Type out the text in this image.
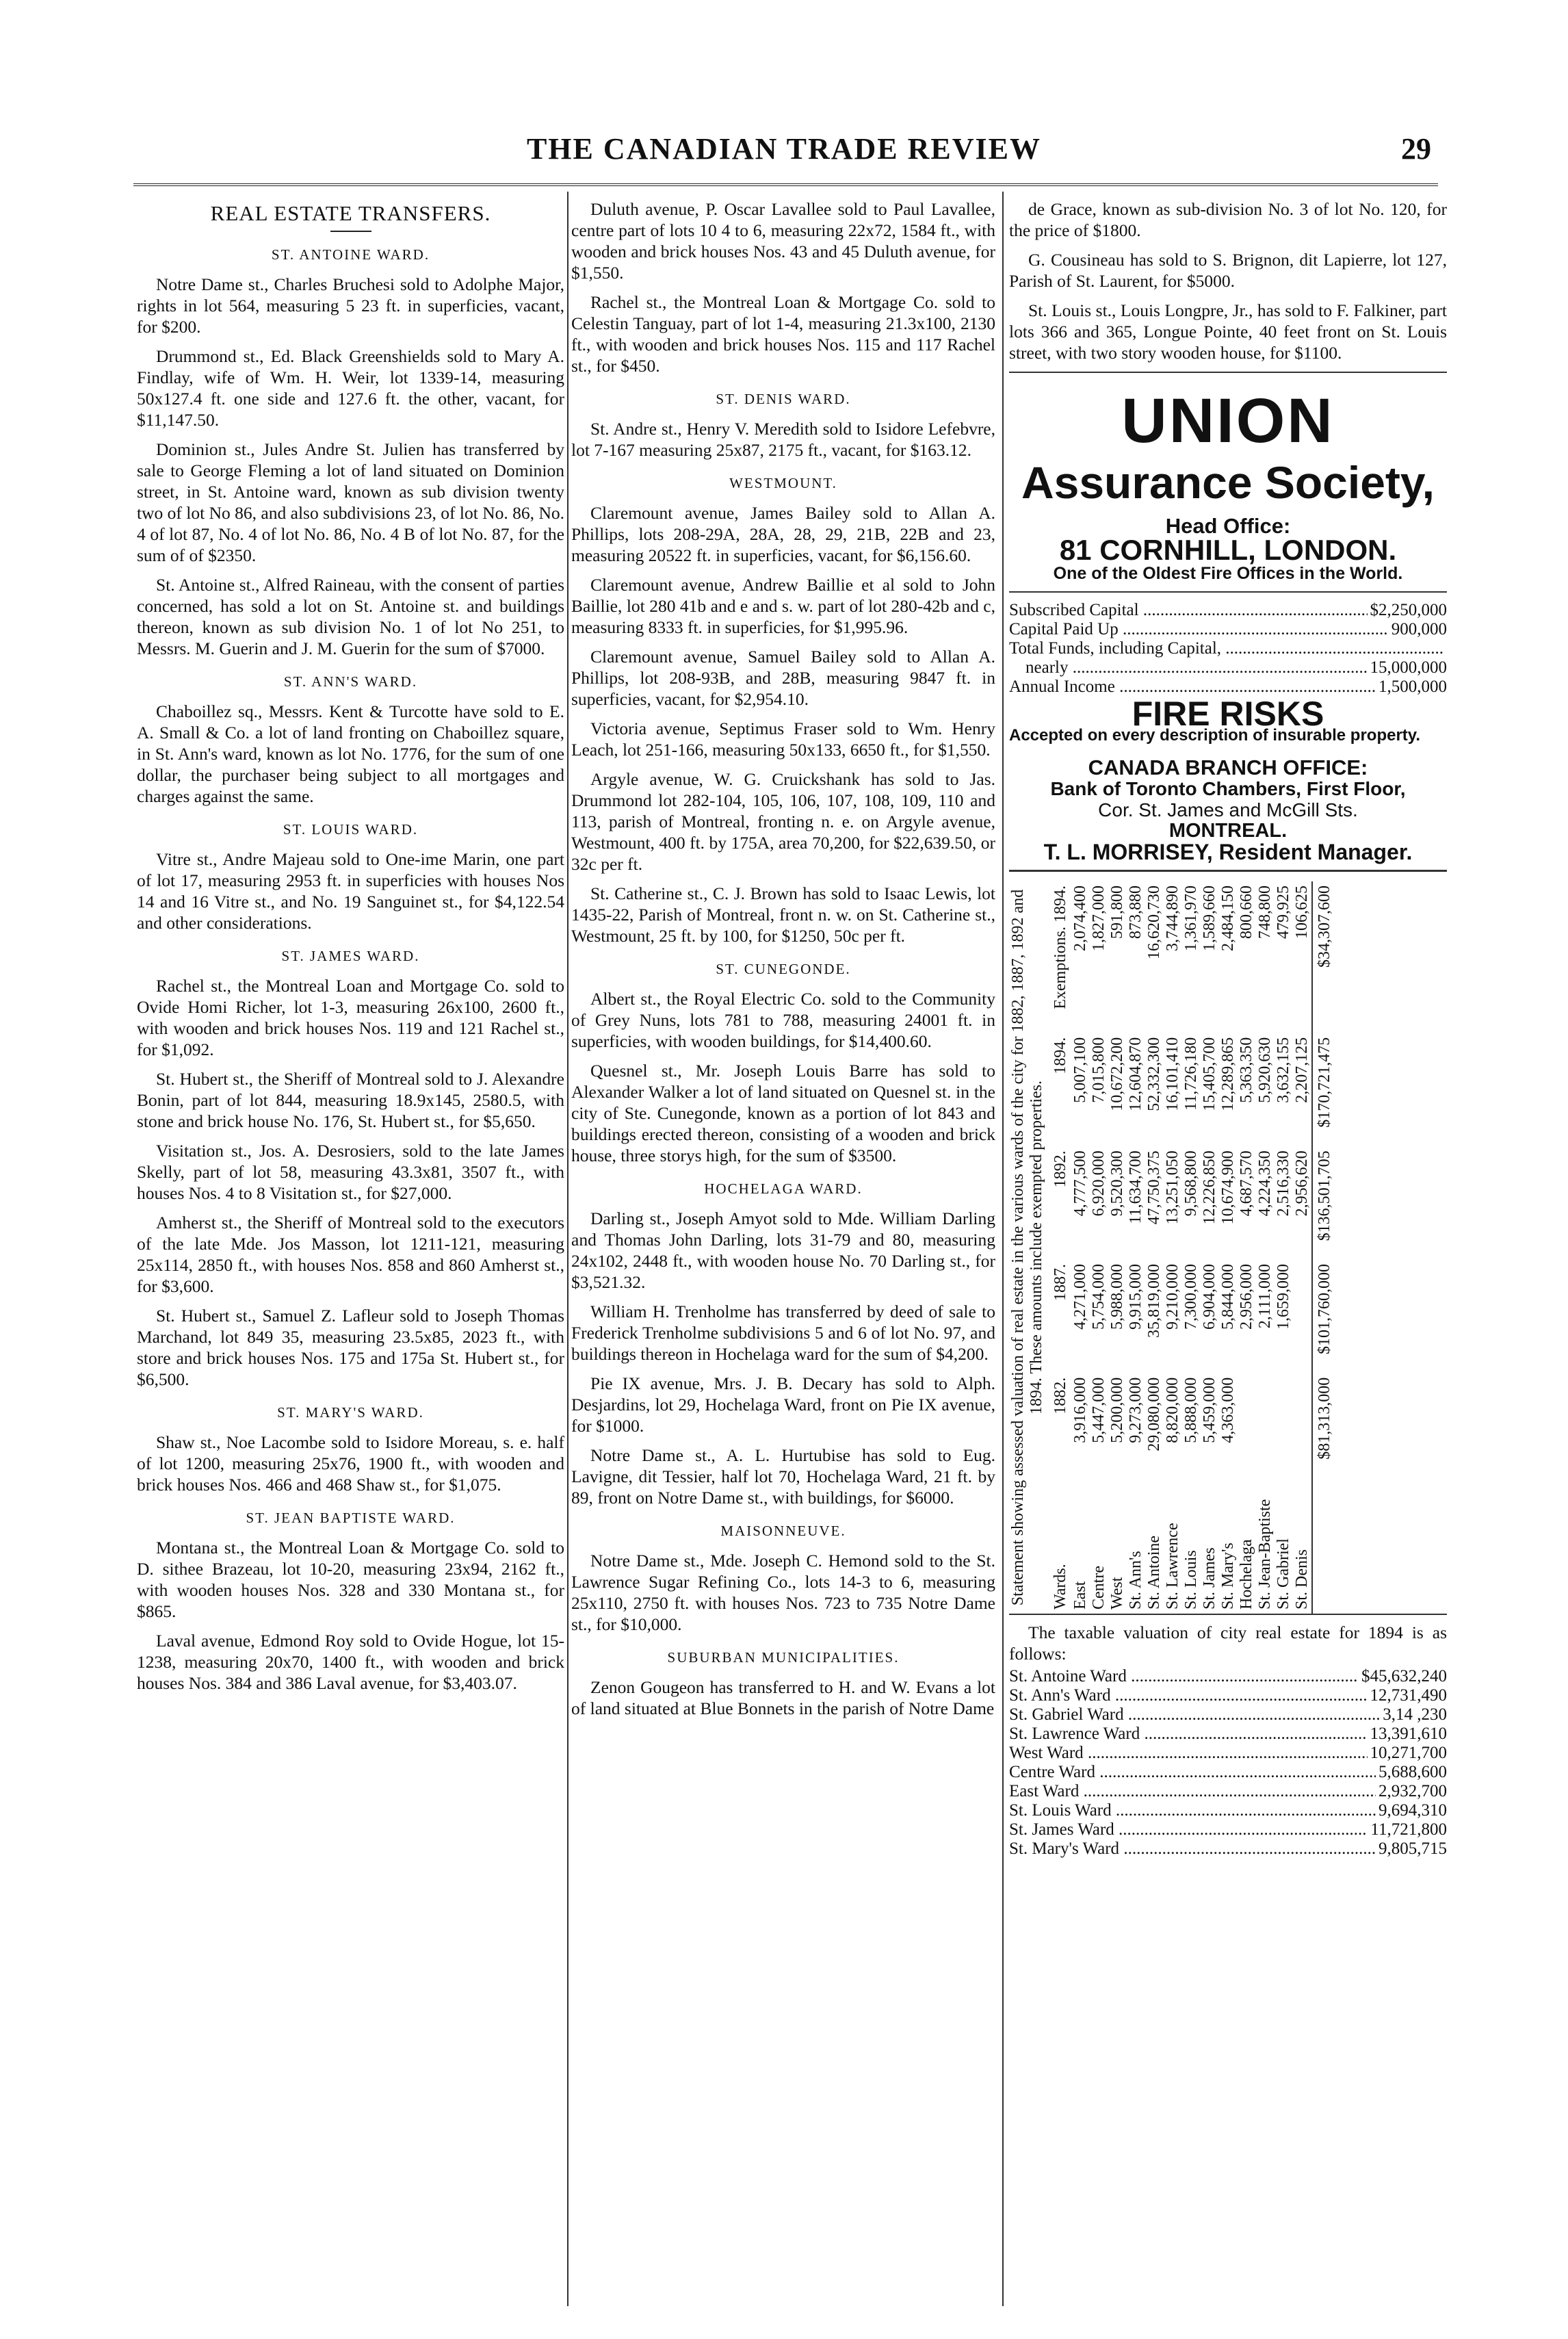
THE CANADIAN TRADE REVIEW	29
REAL ESTATE TRANSFERS.
ST. ANTOINE WARD.
Notre Dame st., Charles Bruchesi sold to Adolphe Major, rights in lot 564, measuring 5 23 ft. in superficies, vacant, for $200.
Drummond st., Ed. Black Greenshields sold to Mary A. Findlay, wife of Wm. H. Weir, lot 1339-14, measuring 50x127.4 ft. one side and 127.6 ft. the other, vacant, for $11,147.50.
Dominion st., Jules Andre St. Julien has transferred by sale to George Fleming a lot of land situated on Dominion street, in St. Antoine ward, known as sub division twenty two of lot No 86, and also subdivisions 23, of lot No. 86, No. 4 of lot 87, No. 4 of lot No. 86, No. 4 B of lot No. 87, for the sum of of $2350.
St. Antoine st., Alfred Raineau, with the consent of parties concerned, has sold a lot on St. Antoine st. and buildings thereon, known as sub division No. 1 of lot No 251, to Messrs. M. Guerin and J. M. Guerin for the sum of $7000.
ST. ANN'S WARD.
Chaboillez sq., Messrs. Kent & Turcotte have sold to E. A. Small & Co. a lot of land fronting on Chaboillez square, in St. Ann's ward, known as lot No. 1776, for the sum of one dollar, the purchaser being subject to all mortgages and charges against the same.
ST. LOUIS WARD.
Vitre st., Andre Majeau sold to One-ime Marin, one part of lot 17, measuring 2953 ft. in superficies with houses Nos 14 and 16 Vitre st., and No. 19 Sanguinet st., for $4,122.54 and other considerations.
ST. JAMES WARD.
Rachel st., the Montreal Loan and Mortgage Co. sold to Ovide Homi Richer, lot 1-3, measuring 26x100, 2600 ft., with wooden and brick houses Nos. 119 and 121 Rachel st., for $1,092.
St. Hubert st., the Sheriff of Montreal sold to J. Alexandre Bonin, part of lot 844, measuring 18.9x145, 2580.5, with stone and brick house No. 176, St. Hubert st., for $5,650.
Visitation st., Jos. A. Desrosiers, sold to the late James Skelly, part of lot 58, measuring 43.3x81, 3507 ft., with houses Nos. 4 to 8 Visitation st., for $27,000.
Amherst st., the Sheriff of Montreal sold to the executors of the late Mde. Jos Masson, lot 1211-121, measuring 25x114, 2850 ft., with houses Nos. 858 and 860 Amherst st., for $3,600.
St. Hubert st., Samuel Z. Lafleur sold to Joseph Thomas Marchand, lot 849 35, measuring 23.5x85, 2023 ft., with store and brick houses Nos. 175 and 175a St. Hubert st., for $6,500.
ST. MARY'S WARD.
Shaw st., Noe Lacombe sold to Isidore Moreau, s. e. half of lot 1200, measuring 25x76, 1900 ft., with wooden and brick houses Nos. 466 and 468 Shaw st., for $1,075.
ST. JEAN BAPTISTE WARD.
Montana st., the Montreal Loan & Mortgage Co. sold to D. sithee Brazeau, lot 10-20, measuring 23x94, 2162 ft., with wooden houses Nos. 328 and 330 Montana st., for $865.
Laval avenue, Edmond Roy sold to Ovide Hogue, lot 15-1238, measuring 20x70, 1400 ft., with wooden and brick houses Nos. 384 and 386 Laval avenue, for $3,403.07.
Duluth avenue, P. Oscar Lavallee sold to Paul Lavallee, centre part of lots 10 4 to 6, measuring 22x72, 1584 ft., with wooden and brick houses Nos. 43 and 45 Duluth avenue, for $1,550.
Rachel st., the Montreal Loan & Mortgage Co. sold to Celestin Tanguay, part of lot 1-4, measuring 21.3x100, 2130 ft., with wooden and brick houses Nos. 115 and 117 Rachel st., for $450.
ST. DENIS WARD.
St. Andre st., Henry V. Meredith sold to Isidore Lefebvre, lot 7-167 measuring 25x87, 2175 ft., vacant, for $163.12.
WESTMOUNT.
Claremount avenue, James Bailey sold to Allan A. Phillips, lots 208-29A, 28A, 28, 29, 21B, 22B and 23, measuring 20522 ft. in superficies, vacant, for $6,156.60.
Claremount avenue, Andrew Baillie et al sold to John Baillie, lot 280 41b and e and s. w. part of lot 280-42b and c, measuring 8333 ft. in superficies, for $1,995.96.
Claremount avenue, Samuel Bailey sold to Allan A. Phillips, lot 208-93B, and 28B, measuring 9847 ft. in superficies, vacant, for $2,954.10.
Victoria avenue, Septimus Fraser sold to Wm. Henry Leach, lot 251-166, measuring 50x133, 6650 ft., for $1,550.
Argyle avenue, W. G. Cruickshank has sold to Jas. Drummond lot 282-104, 105, 106, 107, 108, 109, 110 and 113, parish of Montreal, fronting n. e. on Argyle avenue, Westmount, 400 ft. by 175A, area 70,200, for $22,639.50, or 32c per ft.
St. Catherine st., C. J. Brown has sold to Isaac Lewis, lot 1435-22, Parish of Montreal, front n. w. on St. Catherine st., Westmount, 25 ft. by 100, for $1250, 50c per ft.
ST. CUNEGONDE.
Albert st., the Royal Electric Co. sold to the Community of Grey Nuns, lots 781 to 788, measuring 24001 ft. in superficies, with wooden buildings, for $14,400.60.
Quesnel st., Mr. Joseph Louis Barre has sold to Alexander Walker a lot of land situated on Quesnel st. in the city of Ste. Cunegonde, known as a portion of lot 843 and buildings erected thereon, consisting of a wooden and brick house, three storys high, for the sum of $3500.
HOCHELAGA WARD.
Darling st., Joseph Amyot sold to Mde. William Darling and Thomas John Darling, lots 31-79 and 80, measuring 24x102, 2448 ft., with wooden house No. 70 Darling st., for $3,521.32.
William H. Trenholme has transferred by deed of sale to Frederick Trenholme subdivisions 5 and 6 of lot No. 97, and buildings thereon in Hochelaga ward for the sum of $4,200.
Pie IX avenue, Mrs. J. B. Decary has sold to Alph. Desjardins, lot 29, Hochelaga Ward, front on Pie IX avenue, for $1000.
Notre Dame st., A. L. Hurtubise has sold to Eug. Lavigne, dit Tessier, half lot 70, Hochelaga Ward, 21 ft. by 89, front on Notre Dame st., with buildings, for $6000.
MAISONNEUVE.
Notre Dame st., Mde. Joseph C. Hemond sold to the St. Lawrence Sugar Refining Co., lots 14-3 to 6, measuring 25x110, 2750 ft. with houses Nos. 723 to 735 Notre Dame st., for $10,000.
SUBURBAN MUNICIPALITIES.
Zenon Gougeon has transferred to H. and W. Evans a lot of land situated at Blue Bonnets in the parish of Notre Dame
de Grace, known as sub-division No. 3 of lot No. 120, for the price of $1800.
G. Cousineau has sold to S. Brignon, dit Lapierre, lot 127, Parish of St. Laurent, for $5000.
St. Louis st., Louis Longpre, Jr., has sold to F. Falkiner, part lots 366 and 365, Longue Pointe, 40 feet front on St. Louis street, with two story wooden house, for $1100.
UNION
Assurance Society,
Head Office:
81 CORNHILL, LONDON.
One of the Oldest Fire Offices in the World.
Subscribed Capital .....	$2,250,000
Capital Paid Up .....	900,000
Total Funds, including Capital, .....
nearly .....	15,000,000
Annual Income .....	1,500,000
FIRE RISKS
Accepted on every description of insurable property.
CANADA BRANCH OFFICE:
Bank of Toronto Chambers, First Floor,
Cor. St. James and McGill Sts.
MONTREAL.
T. L. MORRISEY, Resident Manager.
Statement showing assessed valuation of real estate in the various wards of the city for 1882, 1887, 1892 and 1894. These amounts include exempted properties.
Wards.	1882.	1887.	1892.	1894.	Exemptions. 1894.
East	3,916,000	4,271,000	4,777,500	5,007,100	2,074,400
Centre	5,447,000	5,754,000	6,920,000	7,015,800	1,827,000
West	5,200,000	5,988,000	9,520,300	10,672,200	591,800
St. Ann's	9,273,000	9,915,000	11,634,700	12,604,870	873,880
St. Antoine	29,080,000	35,819,000	47,750,375	52,332,300	16,620,730
St. Lawrence	8,820,000	9,210,000	13,251,050	16,101,410	3,744,890
St. Louis	5,888,000	7,300,000	9,568,800	11,726,180	1,361,970
St. James	5,459,000	6,904,000	12,226,850	15,405,700	1,589,660
St. Mary's	4,363,000	5,844,000	10,674,900	12,289,865	2,484,150
Hochelaga		2,956,000	4,687,570	5,363,350	800,660
St. Jean-Baptiste		2,111,000	4,224,350	5,920,630	748,800
St. Gabriel		1,659,000	2,516,330	3,632,155	479,925
St. Denis			2,956,620	2,207,125	106,625
	$81,313,000	$101,760,000	$136,501,705	$170,721,475	$34,307,600
The taxable valuation of city real estate for 1894 is as follows:
St. Antoine Ward .....	$45,632,240
St. Ann's Ward .....	12,731,490
St. Gabriel Ward .....	3,14 ,230
St. Lawrence Ward .....	13,391,610
West Ward .....	10,271,700
Centre Ward .....	5,688,600
East Ward .....	2,932,700
St. Louis Ward .....	9,694,310
St. James Ward .....	11,721,800
St. Mary's Ward .....	9,805,715
